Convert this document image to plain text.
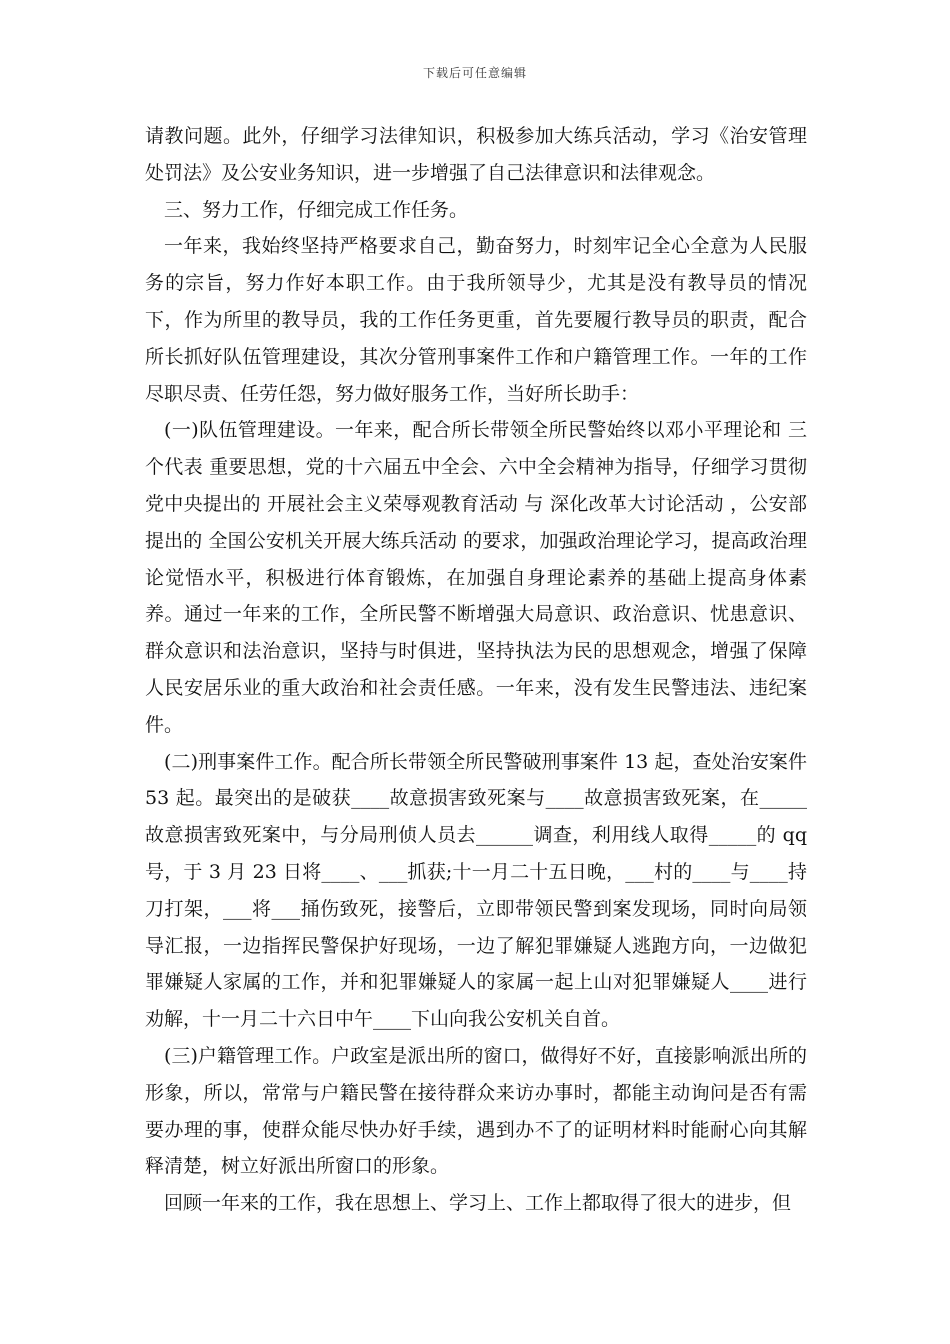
下载后可任意编辑

请教问题。此外，仔细学习法律知识，积极参加大练兵活动，学习《治安管理处罚法》及公安业务知识，进一步增强了自己法律意识和法律观念。

三、努力工作，仔细完成工作任务。

一年来，我始终坚持严格要求自己，勤奋努力，时刻牢记全心全意为人民服务的宗旨，努力作好本职工作。由于我所领导少，尤其是没有教导员的情况下，作为所里的教导员，我的工作任务更重，首先要履行教导员的职责，配合所长抓好队伍管理建设，其次分管刑事案件工作和户籍管理工作。一年的工作尽职尽责、任劳任怨，努力做好服务工作，当好所长助手：

(一)队伍管理建设。一年来，配合所长带领全所民警始终以邓小平理论和 三个代表 重要思想，党的十六届五中全会、六中全会精神为指导，仔细学习贯彻党中央提出的 开展社会主义荣辱观教育活动 与 深化改革大讨论活动 ，公安部提出的 全国公安机关开展大练兵活动 的要求，加强政治理论学习，提高政治理论觉悟水平，积极进行体育锻炼，在加强自身理论素养的基础上提高身体素养。通过一年来的工作，全所民警不断增强大局意识、政治意识、忧患意识、群众意识和法治意识，坚持与时俱进，坚持执法为民的思想观念，增强了保障人民安居乐业的重大政治和社会责任感。一年来，没有发生民警违法、违纪案件。

(二)刑事案件工作。配合所长带领全所民警破刑事案件 13 起，查处治安案件 53 起。最突出的是破获____故意损害致死案与____故意损害致死案，在_____故意损害致死案中，与分局刑侦人员去______调查，利用线人取得_____的 qq 号，于 3 月 23 日将____、___抓获;十一月二十五日晚，___村的____与____持刀打架，___将___捅伤致死，接警后，立即带领民警到案发现场，同时向局领导汇报，一边指挥民警保护好现场，一边了解犯罪嫌疑人逃跑方向，一边做犯罪嫌疑人家属的工作，并和犯罪嫌疑人的家属一起上山对犯罪嫌疑人____进行劝解，十一月二十六日中午____下山向我公安机关自首。

(三)户籍管理工作。户政室是派出所的窗口，做得好不好，直接影响派出所的形象，所以，常常与户籍民警在接待群众来访办事时，都能主动询问是否有需要办理的事，使群众能尽快办好手续，遇到办不了的证明材料时能耐心向其解释清楚，树立好派出所窗口的形象。

回顾一年来的工作，我在思想上、学习上、工作上都取得了很大的进步，但
